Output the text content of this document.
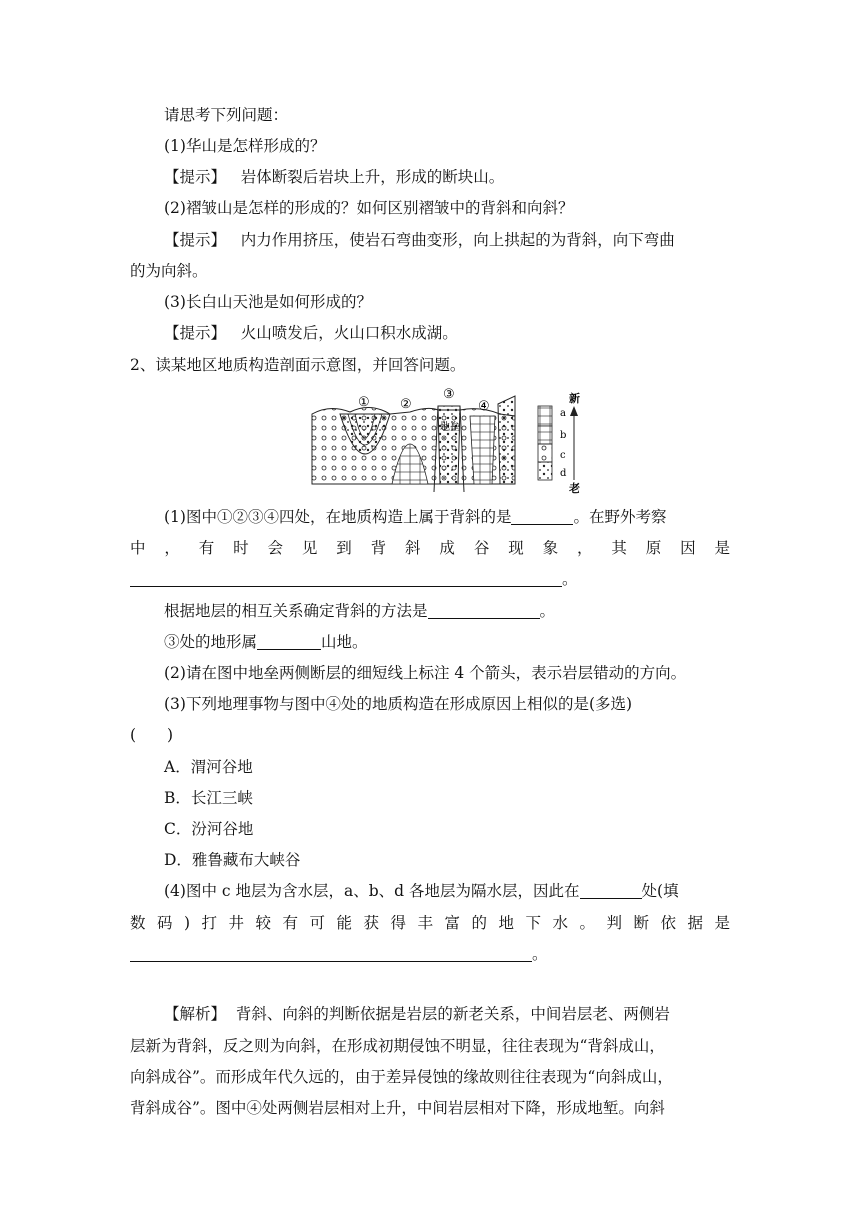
请思考下列问题：
(1)华山是怎样形成的？
【提示】 岩体断裂后岩块上升，形成的断块山。
(2)褶皱山是怎样的形成的？如何区别褶皱中的背斜和向斜？
【提示】 内力作用挤压，使岩石弯曲变形，向上拱起的为背斜，向下弯曲
的为向斜。
(3)长白山天池是如何形成的？
【提示】 火山喷发后，火山口积水成湖。
2、读某地区地质构造剖面示意图，并回答问题。
① ②
③
④
地垒
a
b
c
d
新
老
(1)图中①②③④四处，在地质构造上属于背斜的是	。在野外考察
中，有时会见到背斜成谷现象，其原因是
。
根据地层的相互关系确定背斜的方法是	。
③处的地形属	山地。
(2)请在图中地垒两侧断层的细短线上标注 4 个箭头，表示岩层错动的方向。
(3)下列地理事物与图中④处的地质构造在形成原因上相似的是(多选)
(　　)
A．渭河谷地
B．长江三峡
C．汾河谷地
D．雅鲁藏布大峡谷
(4)图中 c 地层为含水层，a、b、d 各地层为隔水层，因此在	处(填
数码)打井较有可能获得丰富的地下水。判断依据是
。
【解析】 背斜、向斜的判断依据是岩层的新老关系，中间岩层老、两侧岩
层新为背斜，反之则为向斜，在形成初期侵蚀不明显，往往表现为“背斜成山，
向斜成谷”。而形成年代久远的，由于差异侵蚀的缘故则往往表现为“向斜成山，
背斜成谷”。图中④处两侧岩层相对上升，中间岩层相对下降，形成地堑。向斜
